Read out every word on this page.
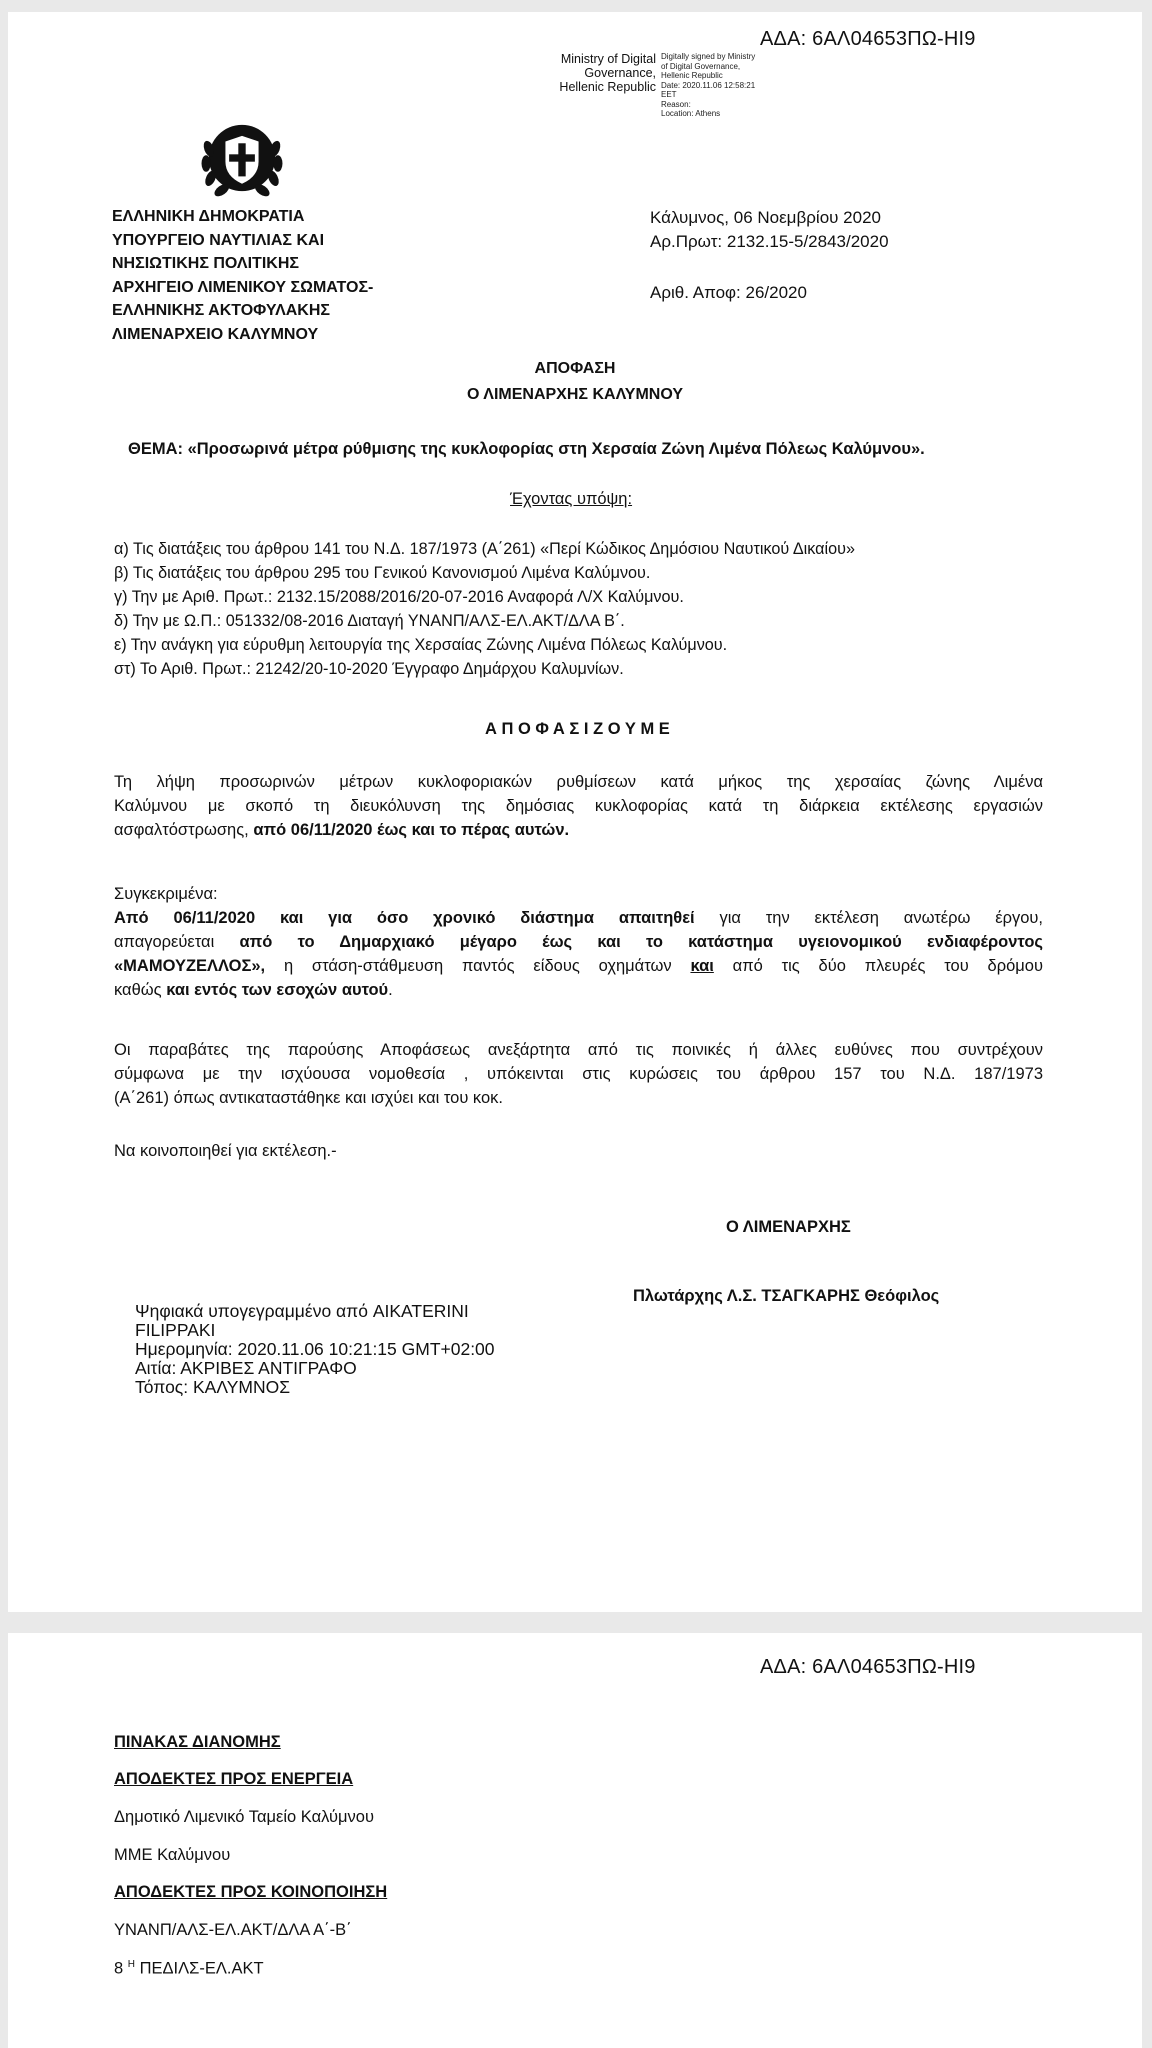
ΑΔΑ: 6ΑΛ04653ΠΩ-ΗΙ9
Ministry of Digital
Governance,
Hellenic Republic
Digitally signed by Ministry
of Digital Governance,
Hellenic Republic
Date: 2020.11.06 12:58:21
EET
Reason:
Location: Athens
ΕΛΛΗΝΙΚΗ ΔΗΜΟΚΡΑΤΙΑ
ΥΠΟΥΡΓΕΙΟ ΝΑΥΤΙΛΙΑΣ ΚΑΙ
ΝΗΣΙΩΤΙΚΗΣ ΠΟΛΙΤΙΚΗΣ
ΑΡΧΗΓΕΙΟ ΛΙΜΕΝΙΚΟΥ ΣΩΜΑΤΟΣ-
ΕΛΛΗΝΙΚΗΣ ΑΚΤΟΦΥΛΑΚΗΣ
ΛΙΜΕΝΑΡΧΕΙΟ ΚΑΛΥΜΝΟΥ
Κάλυμνος, 06 Νοεμβρίου 2020
Αρ.Πρωτ: 2132.15-5/2843/2020
Αριθ. Αποφ: 26/2020
ΑΠΟΦΑΣΗ
Ο ΛΙΜΕΝΑΡΧΗΣ ΚΑΛΥΜΝΟΥ
ΘΕΜΑ: «Προσωρινά μέτρα ρύθμισης της κυκλοφορίας στη Χερσαία Ζώνη Λιμένα Πόλεως Καλύμνου».
Έχοντας υπόψη:
α) Τις διατάξεις του άρθρου 141 του Ν.Δ. 187/1973 (Α΄261) «Περί Κώδικος Δημόσιου Ναυτικού Δικαίου»
β) Τις διατάξεις του άρθρου 295 του Γενικού Κανονισμού Λιμένα Καλύμνου.
γ) Την με Αριθ. Πρωτ.: 2132.15/2088/2016/20-07-2016 Αναφορά Λ/Χ Καλύμνου.
δ) Την με Ω.Π.: 051332/08-2016 Διαταγή ΥΝΑΝΠ/ΑΛΣ-ΕΛ.ΑΚΤ/ΔΛΑ Β΄.
ε) Την ανάγκη για εύρυθμη λειτουργία της Χερσαίας Ζώνης Λιμένα Πόλεως Καλύμνου.
στ) Το Αριθ. Πρωτ.: 21242/20-10-2020 Έγγραφο Δημάρχου Καλυμνίων.
Α Π Ο Φ Α Σ Ι Ζ Ο Υ Μ Ε
Τη λήψη προσωρινών μέτρων κυκλοφοριακών ρυθμίσεων κατά μήκος της χερσαίας ζώνης Λιμένα
Καλύμνου με σκοπό τη διευκόλυνση της δημόσιας κυκλοφορίας κατά τη διάρκεια εκτέλεσης εργασιών
ασφαλτόστρωσης, από 06/11/2020 έως και το πέρας αυτών.
Συγκεκριμένα:
Από 06/11/2020 και για όσο χρονικό διάστημα απαιτηθεί για την εκτέλεση ανωτέρω έργου,
απαγορεύεται από το Δημαρχιακό μέγαρο έως και το κατάστημα υγειονομικού ενδιαφέροντος
«ΜΑΜΟΥΖΕΛΛΟΣ», η στάση-στάθμευση παντός είδους οχημάτων και από τις δύο πλευρές του δρόμου
καθώς και εντός των εσοχών αυτού.
Οι παραβάτες της παρούσης Αποφάσεως ανεξάρτητα από τις ποινικές ή άλλες ευθύνες που συντρέχουν
σύμφωνα με την ισχύουσα νομοθεσία , υπόκεινται στις κυρώσεις του άρθρου 157 του Ν.Δ. 187/1973
(Α΄261) όπως αντικαταστάθηκε και ισχύει και του κοκ.
Να κοινοποιηθεί για εκτέλεση.-
Ο ΛΙΜΕΝΑΡΧΗΣ
Πλωτάρχης Λ.Σ. ΤΣΑΓΚΑΡΗΣ Θεόφιλος
Ψηφιακά υπογεγραμμένο από AIKATERINI
FILIPPAKI
Ημερομηνία: 2020.11.06 10:21:15 GMT+02:00
Αιτία: ΑΚΡΙΒΕΣ ΑΝΤΙΓΡΑΦΟ
Τόπος: ΚΑΛΥΜΝΟΣ
ΑΔΑ: 6ΑΛ04653ΠΩ-ΗΙ9
ΠΙΝΑΚΑΣ ΔΙΑΝΟΜΗΣ
ΑΠΟΔΕΚΤΕΣ ΠΡΟΣ ΕΝΕΡΓΕΙΑ
Δημοτικό Λιμενικό Ταμείο Καλύμνου
ΜΜΕ Καλύμνου
ΑΠΟΔΕΚΤΕΣ ΠΡΟΣ ΚΟΙΝΟΠΟΙΗΣΗ
ΥΝΑΝΠ/ΑΛΣ-ΕΛ.ΑΚΤ/ΔΛΑ Α΄-Β΄
8 $^H$ ΠΕΔΙΛΣ-ΕΛ.ΑΚΤ
